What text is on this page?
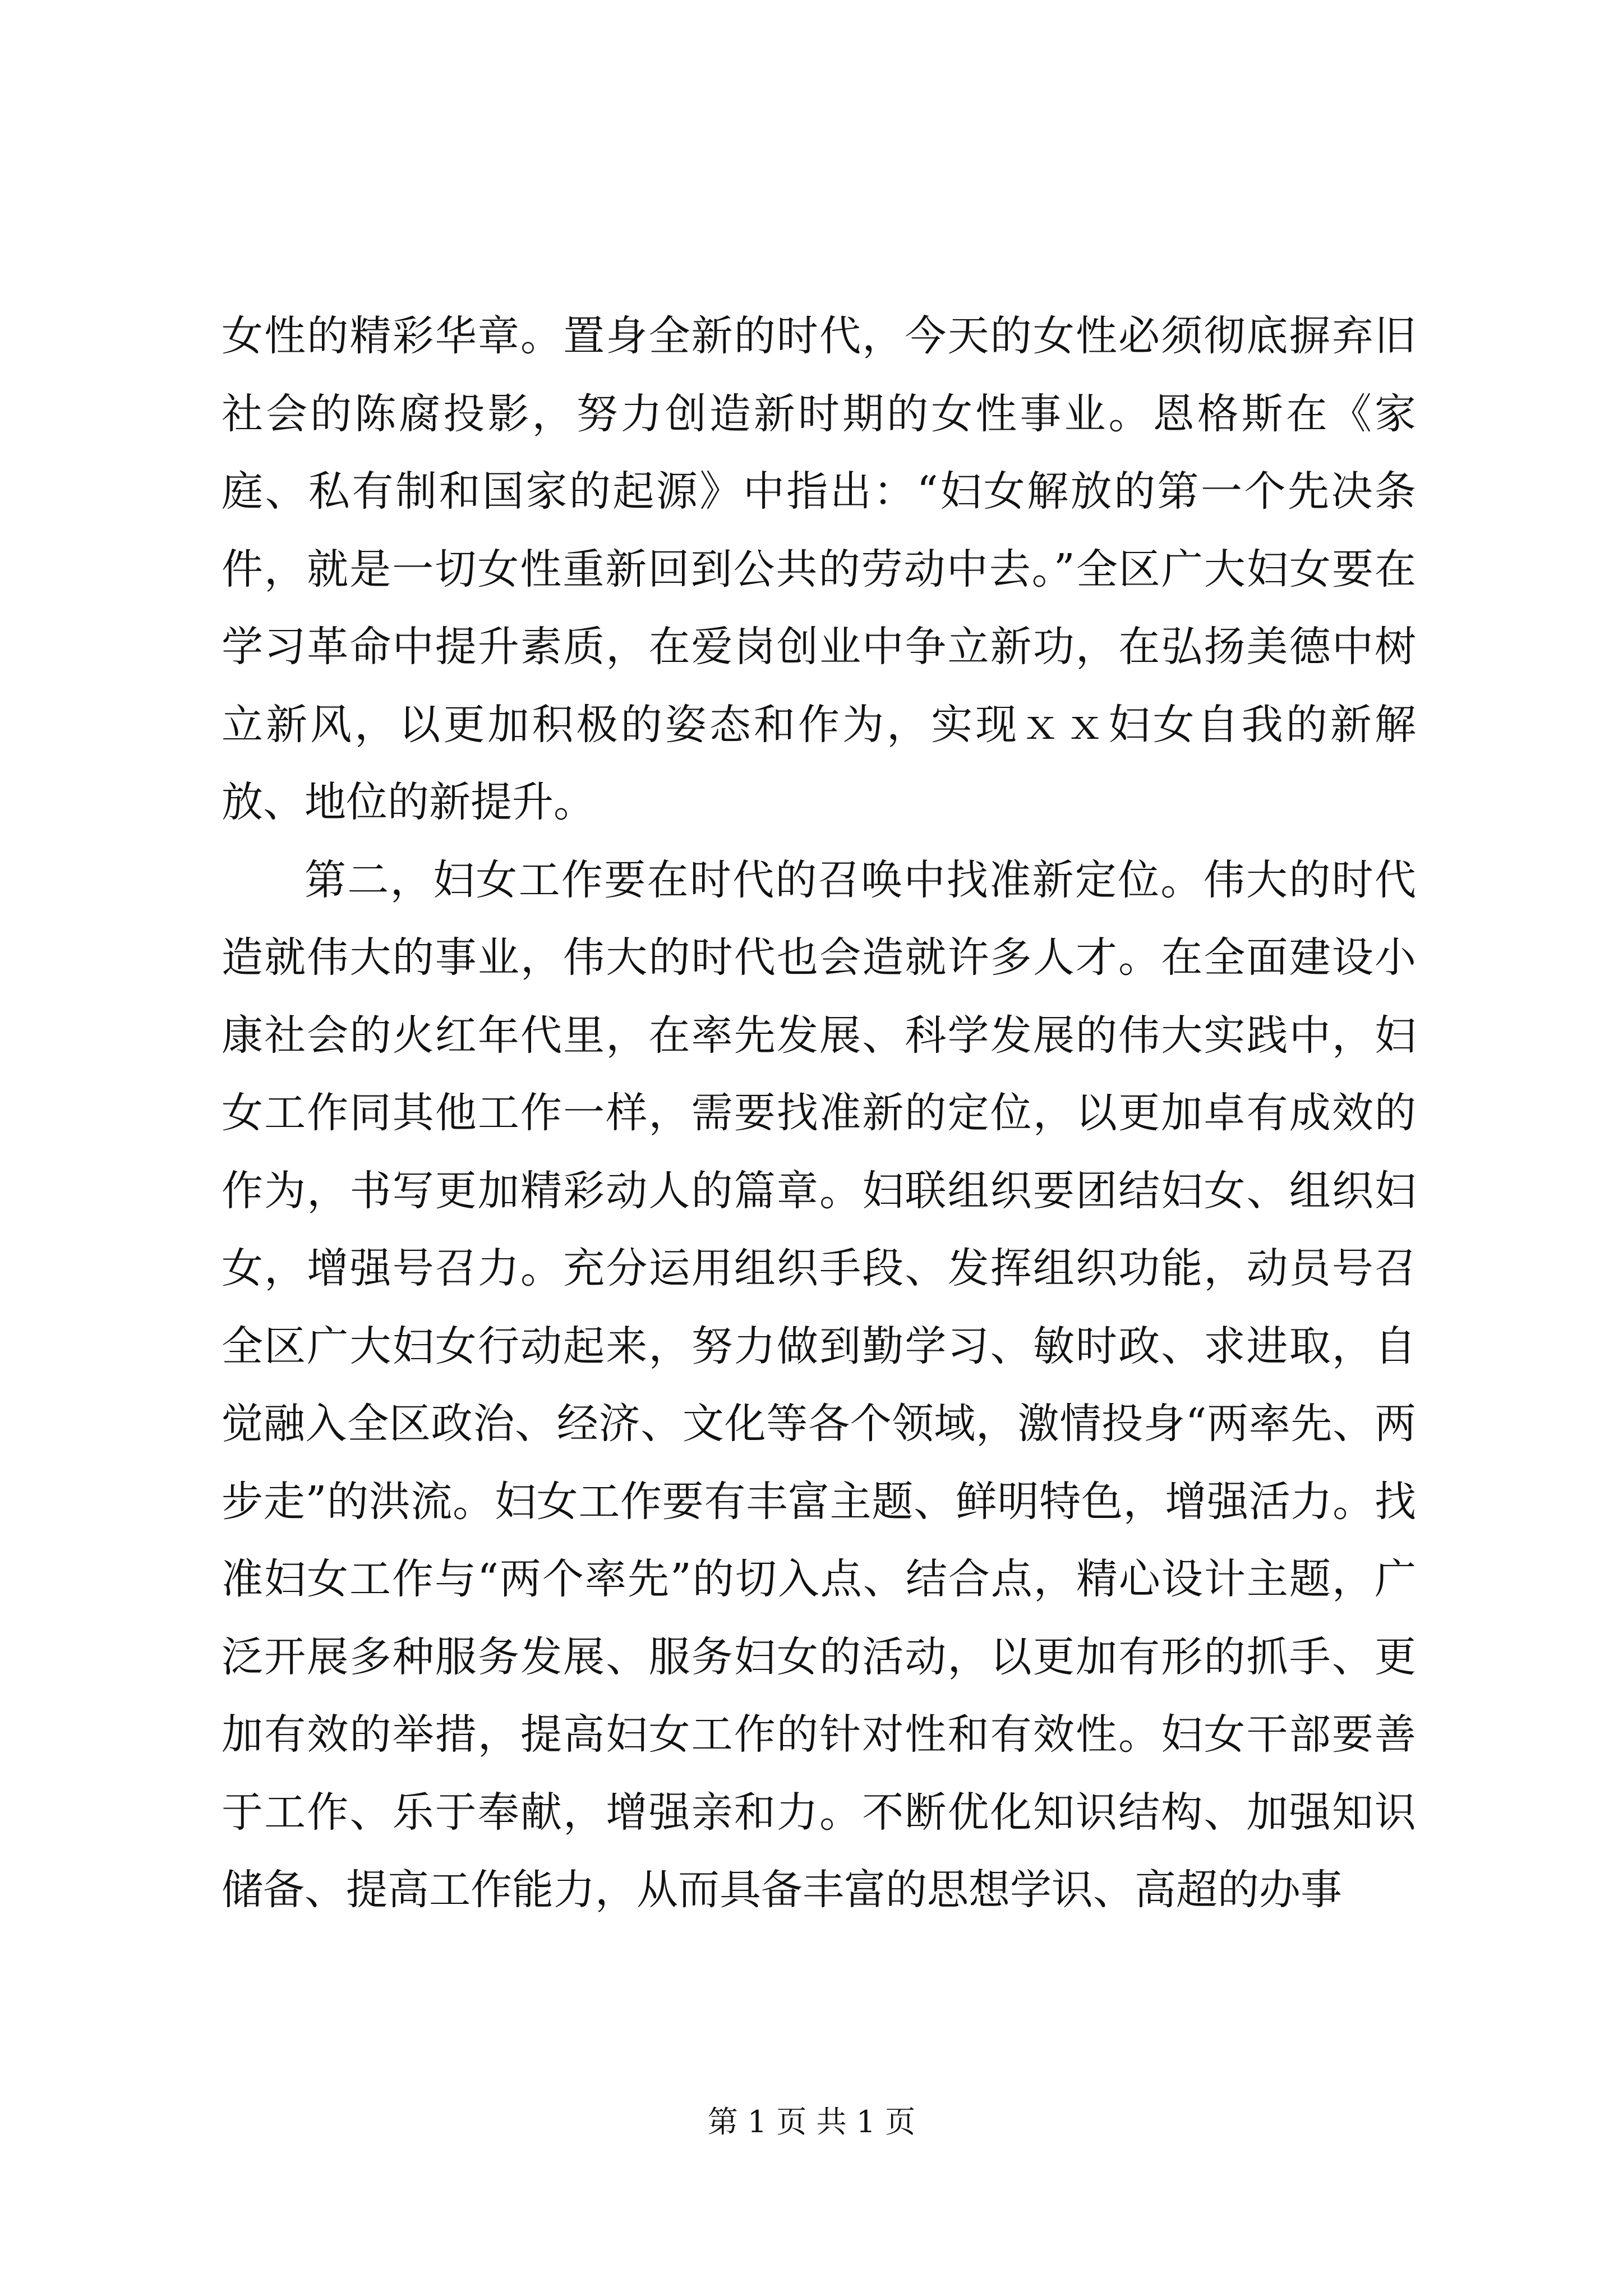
女性的精彩华章。置身全新的时代，今天的女性必须彻底摒弃旧社会的陈腐投影，努力创造新时期的女性事业。恩格斯在《家庭、私有制和国家的起源》中指出：“妇女解放的第一个先决条件，就是一切女性重新回到公共的劳动中去。”全区广大妇女要在学习革命中提升素质，在爱岗创业中争立新功，在弘扬美德中树立新风，以更加积极的姿态和作为，实现ｘｘ妇女自我的新解放、地位的新提升。

第二，妇女工作要在时代的召唤中找准新定位。伟大的时代造就伟大的事业，伟大的时代也会造就许多人才。在全面建设小康社会的火红年代里，在率先发展、科学发展的伟大实践中，妇女工作同其他工作一样，需要找准新的定位，以更加卓有成效的作为，书写更加精彩动人的篇章。妇联组织要团结妇女、组织妇女，增强号召力。充分运用组织手段、发挥组织功能，动员号召全区广大妇女行动起来，努力做到勤学习、敏时政、求进取，自觉融入全区政治、经济、文化等各个领域，激情投身“两率先、两步走”的洪流。妇女工作要有丰富主题、鲜明特色，增强活力。找准妇女工作与“两个率先”的切入点、结合点，精心设计主题，广泛开展多种服务发展、服务妇女的活动，以更加有形的抓手、更加有效的举措，提高妇女工作的针对性和有效性。妇女干部要善于工作、乐于奉献，增强亲和力。不断优化知识结构、加强知识储备、提高工作能力，从而具备丰富的思想学识、高超的办事

第 1 页 共 1 页
